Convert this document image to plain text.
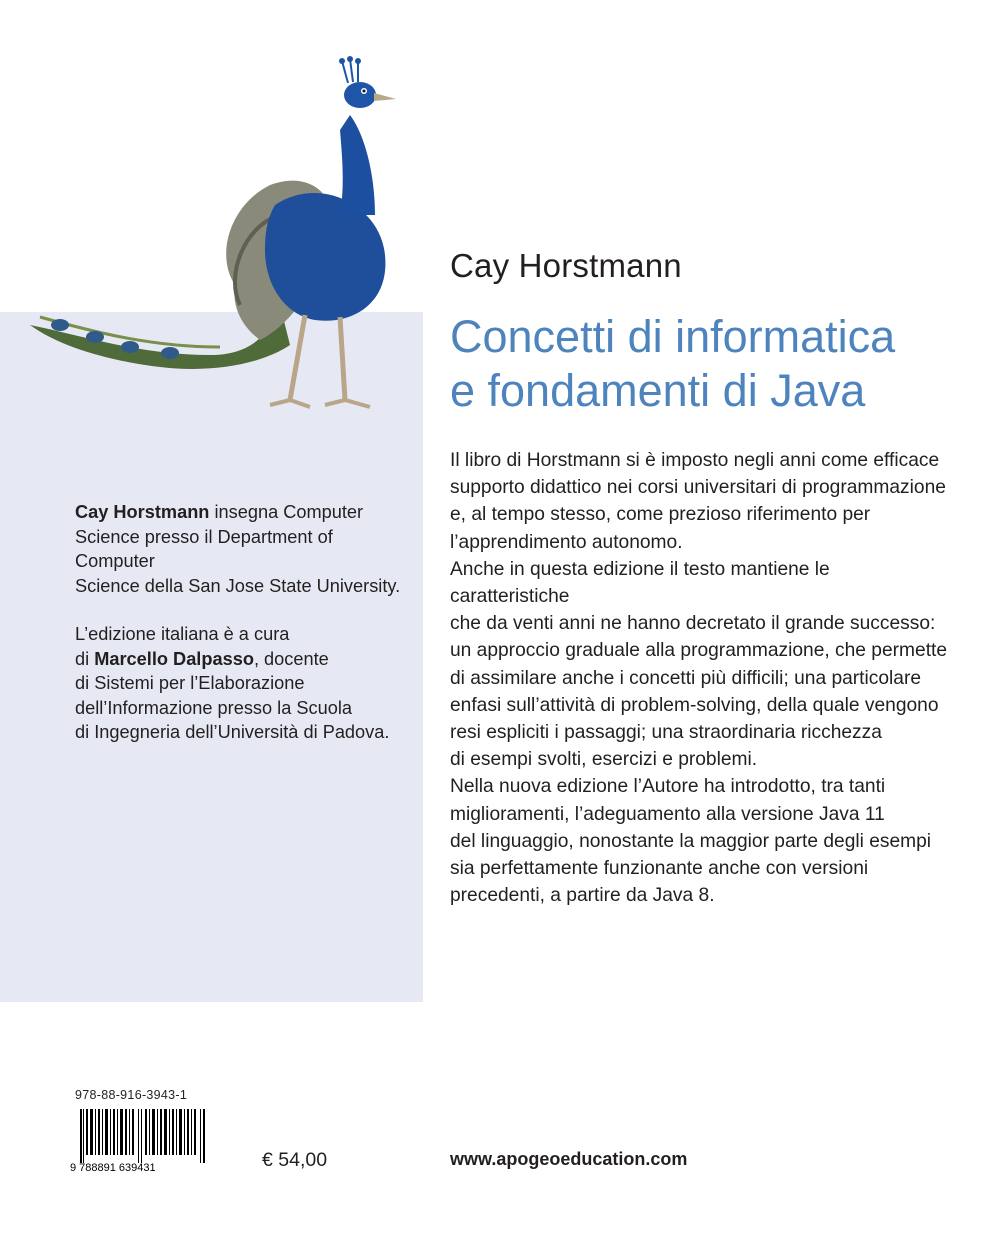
Cay Horstmann
Concetti di informatica
e fondamenti di Java

Il libro di Horstmann si è imposto negli anni come efficace

supporto didattico nei corsi universitari di programmazione

e, al tempo stesso, come prezioso riferimento per

l’apprendimento autonomo.

Anche in questa edizione il testo mantiene le caratteristiche

che da venti anni ne hanno decretato il grande successo:

un approccio graduale alla programmazione, che permette

di assimilare anche i concetti più difficili; una particolare

enfasi sull’attività di problem-solving, della quale vengono

resi espliciti i passaggi; una straordinaria ricchezza

di esempi svolti, esercizi e problemi.

Nella nuova edizione l’Autore ha introdotto, tra tanti

miglioramenti, l’adeguamento alla versione Java 11

del linguaggio, nonostante la maggior parte degli esempi

sia perfettamente funzionante anche con versioni

precedenti, a partire da Java 8.

Cay Horstmann insegna Computer
Science presso il Department of Computer
Science della San Jose State University.

L’edizione italiana è a cura
di Marcello Dalpasso, docente
di Sistemi per l’Elaborazione
dell’Informazione presso la Scuola
di Ingegneria dell’Università di Padova.

978-88-916-3943-1
9 788891 639431	€ 54,00	www.apogeoeducation.com
